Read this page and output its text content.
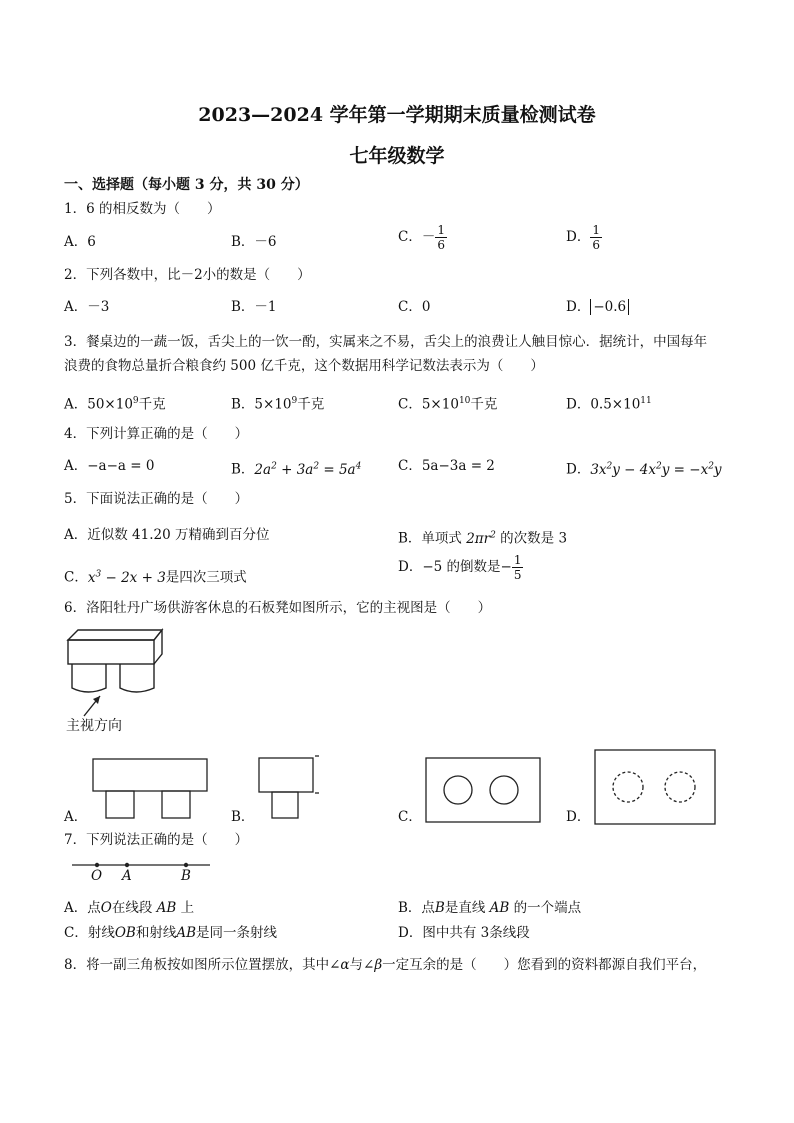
2023—2024 学年第一学期期末质量检测试卷
七年级数学
一、选择题（每小题 3 分，共 30 分）
1．6 的相反数为（　　）
A．6	B．－6	C．－ $\frac{1}{6}$	D． $\frac{1}{6}$
2．下列各数中，比－2小的数是（　　）
A．－3	B．－1	C．0	D． −0.6
3．餐桌边的一蔬一饭，舌尖上的一饮一酌，实属来之不易，舌尖上的浪费让人触目惊心．据统计，中国每年
浪费的食物总量折合粮食约 500 亿千克，这个数据用科学记数法表示为（　　）
A．$50\times 10^9$千克	B．$5\times 10^9$千克	C．$5\times 10^{10}$千克	D．$0.5\times 10^{11}$
4．下列计算正确的是（　　）
A．−a−a = 0	B．$2a^2 + 3a^2 = 5a^4$	C．5a−3a = 2	D．$3x^2y - 4x^2y = -x^2y$
5．下面说法正确的是（　　）
A．近似数 41.20 万精确到百分位	B．单项式 $2\pi r^2$ 的次数是 3
C．$x^3 - 2x + 3$是四次三项式
D．−5 的倒数是− $\frac{1}{5}$
6．洛阳牡丹广场供游客休息的石板凳如图所示，它的主视图是（　　）
主视方向
A．	B．	C．	D．
7．下列说法正确的是（　　）
O A	B
A．点O在线段 AB 上	B．点B是直线 AB 的一个端点
C．射线OB和射线AB是同一条射线	D．图中共有 3条线段
8．将一副三角板按如图所示位置摆放，其中∠α与∠β一定互余的是（　　）您看到的资料都源自我们平台，
